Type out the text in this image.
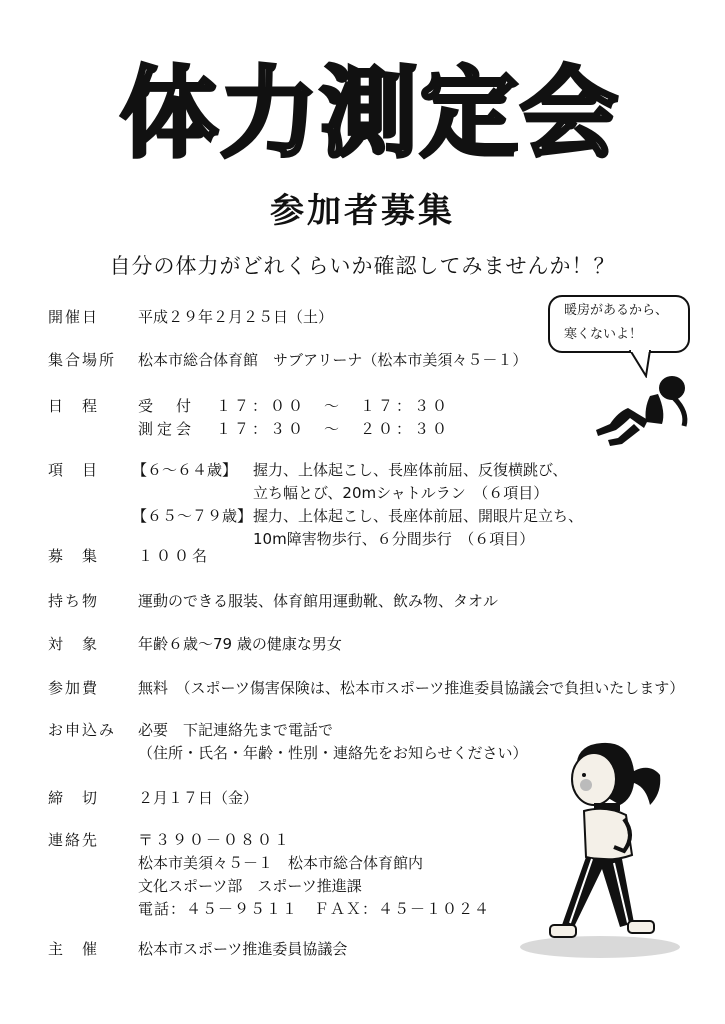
体力測定会
参加者募集
自分の体力がどれくらいか確認してみませんか！？
暖房があるから、
寒くないよ！
開催日	平成２９年２月２５日（土）
集合場所	松本市総合体育館　サブアリーナ（松本市美須々５－１）
日　程	受　付 １７：００　～　１７：３０
測定会 １７：３０　～　２０：３０
項　目	【６～６４歳】 握力、上体起こし、長座体前屈、反復横跳び、
立ち幅とび、20mシャトルラン　（６項目）
【６５～７９歳】 握力、上体起こし、長座体前屈、開眼片足立ち、
10m障害物歩行、６分間歩行　（６項目）
募　集	１００名
持ち物	運動のできる服装、体育館用運動靴、飲み物、タオル
対　象	年齢６歳～79 歳の健康な男女
参加費	無料　（スポーツ傷害保険は、松本市スポーツ推進委員協議会で負担いたします）
お申込み	必要　下記連絡先まで電話で
（住所・氏名・年齢・性別・連絡先をお知らせください）
締　切	２月１７日（金）
連絡先	〒３９０－０８０１
松本市美須々５－１　松本市総合体育館内
文化スポーツ部　スポーツ推進課
電話：４５－９５１１　ＦＡＸ：４５－１０２４
主　催	松本市スポーツ推進委員協議会
